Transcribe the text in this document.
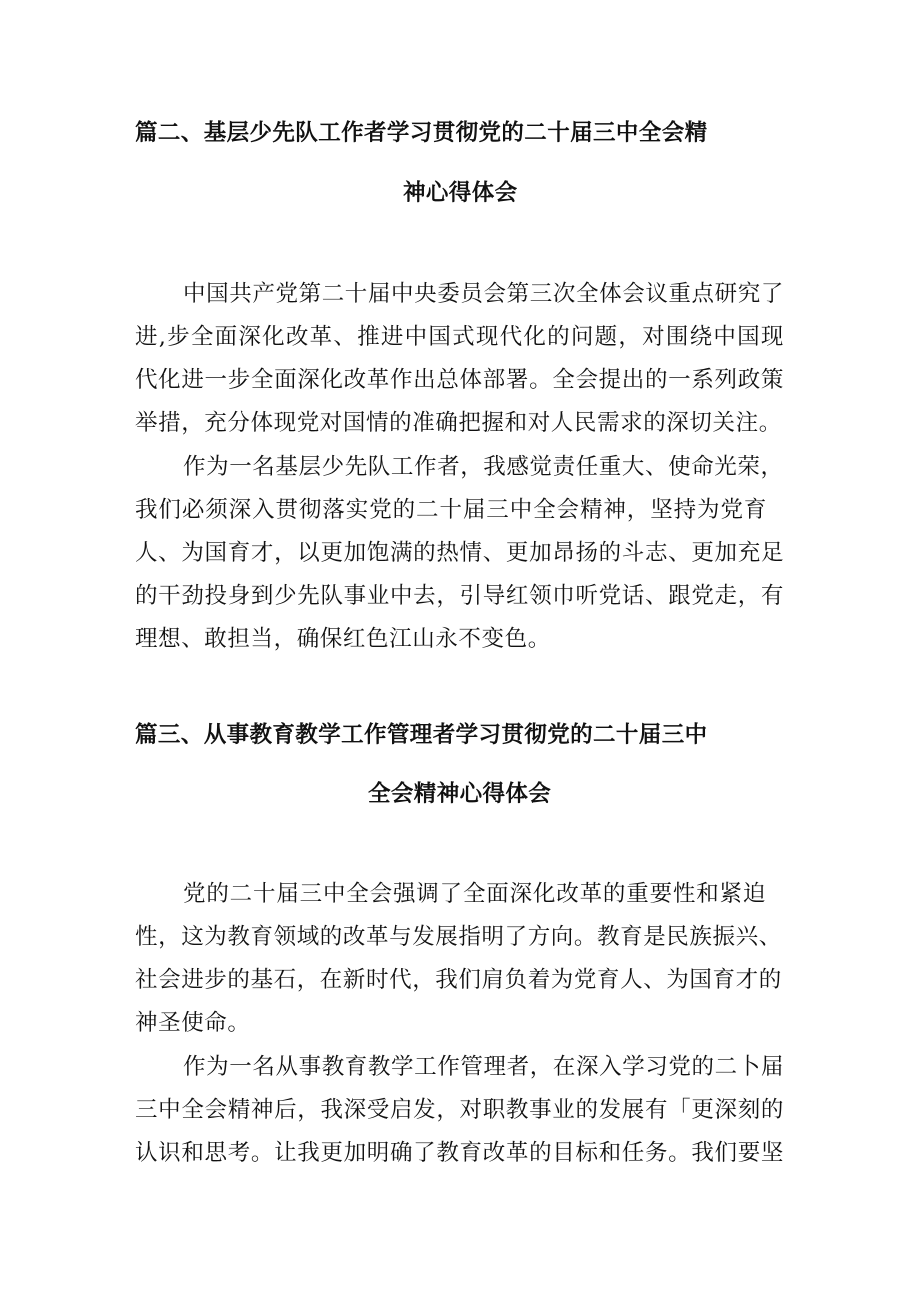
篇二、基层少先队工作者学习贯彻党的二十届三中全会精
神心得体会
中国共产党第二十届中央委员会第三次全体会议重点研究了
进,步全面深化改革、推进中国式现代化的问题，对围绕中国现
代化进一步全面深化改革作出总体部署。全会提出的一系列政策
举措，充分体现党对国情的准确把握和对人民需求的深切关注。
作为一名基层少先队工作者，我感觉责任重大、使命光荣，
我们必须深入贯彻落实党的二十届三中全会精神，坚持为党育
人、为国育才，以更加饱满的热情、更加昂扬的斗志、更加充足
的干劲投身到少先队事业中去，引导红领巾听党话、跟党走，有
理想、敢担当，确保红色江山永不变色。
篇三、从事教育教学工作管理者学习贯彻党的二十届三中
全会精神心得体会
党的二十届三中全会强调了全面深化改革的重要性和紧迫
性，这为教育领域的改革与发展指明了方向。教育是民族振兴、
社会进步的基石，在新时代，我们肩负着为党育人、为国育才的
神圣使命。
作为一名从事教育教学工作管理者，在深入学习党的二卜届
三中全会精神后，我深受启发，对职教事业的发展有「更深刻的
认识和思考。让我更加明确了教育改革的目标和任务。我们要坚
